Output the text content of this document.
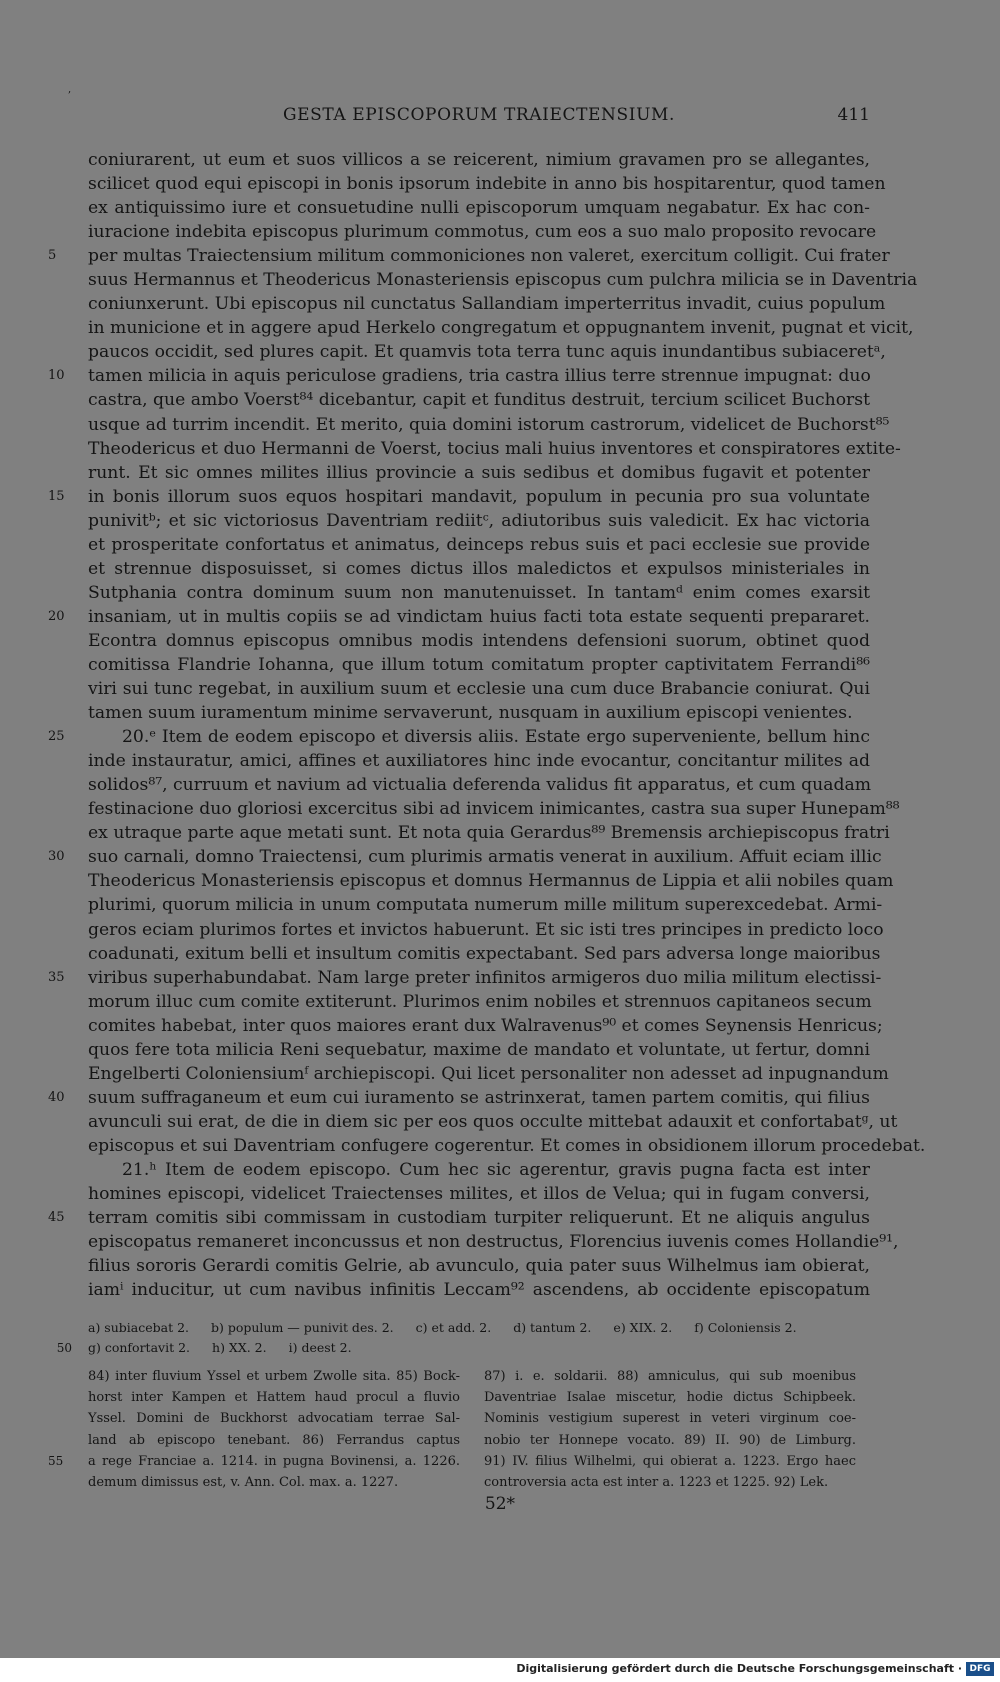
,
GESTA EPISCOPORUM TRAIECTENSIUM.	411
coniurarent, ut eum et suos villicos a se reicerent, nimium gravamen pro se allegantes,
scilicet quod equi episcopi in bonis ipsorum indebite in anno bis hospitarentur, quod tamen
ex antiquissimo iure et consuetudine nulli episcoporum umquam negabatur. Ex hac con-
iuracione indebita episcopus plurimum commotus, cum eos a suo malo proposito revocare
5	per multas Traiectensium militum commoniciones non valeret, exercitum colligit. Cui frater
suus Hermannus et Theodericus Monasteriensis episcopus cum pulchra milicia se in Daventria
coniunxerunt. Ubi episcopus nil cunctatus Sallandiam imperterritus invadit, cuius populum
in municione et in aggere apud Herkelo congregatum et oppugnantem invenit, pugnat et vicit,
paucos occidit, sed plures capit. Et quamvis tota terra tunc aquis inundantibus subiaceretᵃ,
10	tamen milicia in aquis periculose gradiens, tria castra illius terre strennue impugnat: duo
castra, que ambo Voerst⁸⁴ dicebantur, capit et funditus destruit, tercium scilicet Buchorst
usque ad turrim incendit. Et merito, quia domini istorum castrorum, videlicet de Buchorst⁸⁵
Theodericus et duo Hermanni de Voerst, tocius mali huius inventores et conspiratores extite-
runt. Et sic omnes milites illius provincie a suis sedibus et domibus fugavit et potenter
15	in bonis illorum suos equos hospitari mandavit, populum in pecunia pro sua voluntate
punivitᵇ; et sic victoriosus Daventriam rediitᶜ, adiutoribus suis valedicit. Ex hac victoria
et prosperitate confortatus et animatus, deinceps rebus suis et paci ecclesie sue provide
et strennue disposuisset, si comes dictus illos maledictos et expulsos ministeriales in
Sutphania contra dominum suum non manutenuisset. In tantamᵈ enim comes exarsit
20	insaniam, ut in multis copiis se ad vindictam huius facti tota estate sequenti prepararet.
Econtra domnus episcopus omnibus modis intendens defensioni suorum, obtinet quod
comitissa Flandrie Iohanna, que illum totum comitatum propter captivitatem Ferrandi⁸⁶
viri sui tunc regebat, in auxilium suum et ecclesie una cum duce Brabancie coniurat. Qui
tamen suum iuramentum minime servaverunt, nusquam in auxilium episcopi venientes.
25	20.ᵉ Item de eodem episcopo et diversis aliis. Estate ergo superveniente, bellum hinc
inde instauratur, amici, affines et auxiliatores hinc inde evocantur, concitantur milites ad
solidos⁸⁷, curruum et navium ad victualia deferenda validus fit apparatus, et cum quadam
festinacione duo gloriosi excercitus sibi ad invicem inimicantes, castra sua super Hunepam⁸⁸
ex utraque parte aque metati sunt. Et nota quia Gerardus⁸⁹ Bremensis archiepiscopus fratri
30	suo carnali, domno Traiectensi, cum plurimis armatis venerat in auxilium. Affuit eciam illic
Theodericus Monasteriensis episcopus et domnus Hermannus de Lippia et alii nobiles quam
plurimi, quorum milicia in unum computata numerum mille militum superexcedebat. Armi-
geros eciam plurimos fortes et invictos habuerunt. Et sic isti tres principes in predicto loco
coadunati, exitum belli et insultum comitis expectabant. Sed pars adversa longe maioribus
35	viribus superhabundabat. Nam large preter infinitos armigeros duo milia militum electissi-
morum illuc cum comite extiterunt. Plurimos enim nobiles et strennuos capitaneos secum
comites habebat, inter quos maiores erant dux Walravenus⁹⁰ et comes Seynensis Henricus;
quos fere tota milicia Reni sequebatur, maxime de mandato et voluntate, ut fertur, domni
Engelberti Coloniensiumᶠ archiepiscopi. Qui licet personaliter non adesset ad inpugnandum
40	suum suffraganeum et eum cui iuramento se astrinxerat, tamen partem comitis, qui filius
avunculi sui erat, de die in diem sic per eos quos occulte mittebat adauxit et confortabatᵍ, ut
episcopus et sui Daventriam confugere cogerentur. Et comes in obsidionem illorum procedebat.
21.ʰ Item de eodem episcopo. Cum hec sic agerentur, gravis pugna facta est inter
homines episcopi, videlicet Traiectenses milites, et illos de Velua; qui in fugam conversi,
45	terram comitis sibi commissam in custodiam turpiter reliquerunt. Et ne aliquis angulus
episcopatus remaneret inconcussus et non destructus, Florencius iuvenis comes Hollandie⁹¹,
filius sororis Gerardi comitis Gelrie, ab avunculo, quia pater suus Wilhelmus iam obierat,
iamⁱ inducitur, ut cum navibus infinitis Leccam⁹² ascendens, ab occidente episcopatum
a) subiacebat 2. b) populum — punivit des. 2. c) et add. 2. d) tantum 2. e) XIX. 2. f) Coloniensis 2.
50 g) confortavit 2. h) XX. 2. i) deest 2.
84) inter fluvium Yssel et urbem Zwolle sita. 85) Bock-
horst inter Kampen et Hattem haud procul a fluvio
Yssel. Domini de Buckhorst advocatiam terrae Sal-
land ab episcopo tenebant. 86) Ferrandus captus
55	a rege Franciae a. 1214. in pugna Bovinensi, a. 1226.
demum dimissus est, v. Ann. Col. max. a. 1227.
87) i. e. soldarii. 88) amniculus, qui sub moenibus
Daventriae Isalae miscetur, hodie dictus Schipbeek.
Nominis vestigium superest in veteri virginum coe-
nobio ter Honnepe vocato. 89) II. 90) de Limburg.
91) IV. filius Wilhelmi, qui obierat a. 1223. Ergo haec
controversia acta est inter a. 1223 et 1225. 92) Lek.
52*
Digitalisierung gefördert durch die Deutsche Forschungsgemeinschaft · DFG
